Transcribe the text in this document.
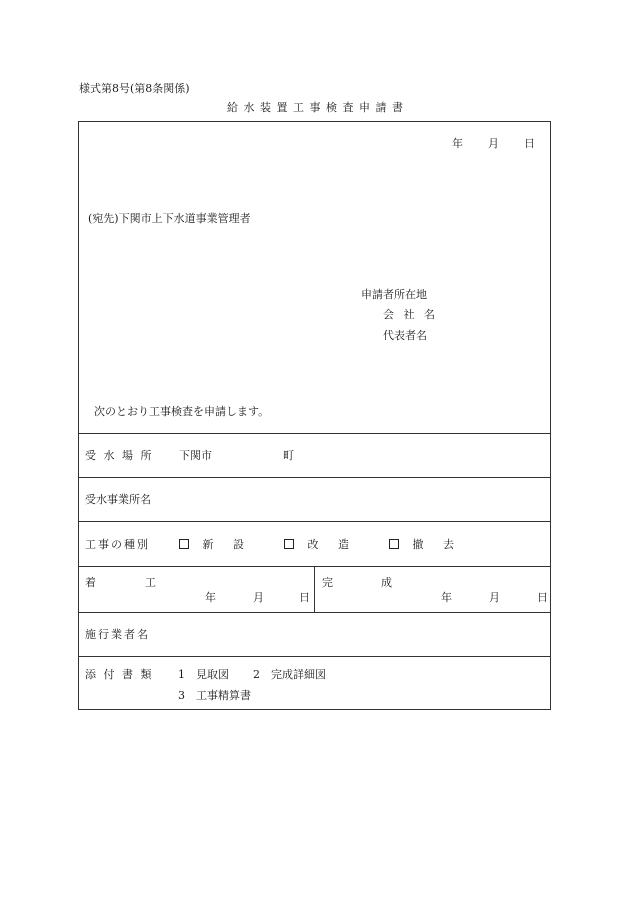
様式第8号(第8条関係)
給 水 装 置 工 事 検 査 申 請 書
年 月 日
(宛先)下関市上下水道事業管理者
申請者所在地
会 社 名
代表者名
次のとおり工事検査を申請します。
受 水 場 所 下関市	町
受水事業所名
工事の種別	新 設	改 造	撤 去
着	工
年	月	日
完	成
年	月	日
施行業者名
添 付 書 類 1　見取図 2　完成詳細図
3　工事精算書
